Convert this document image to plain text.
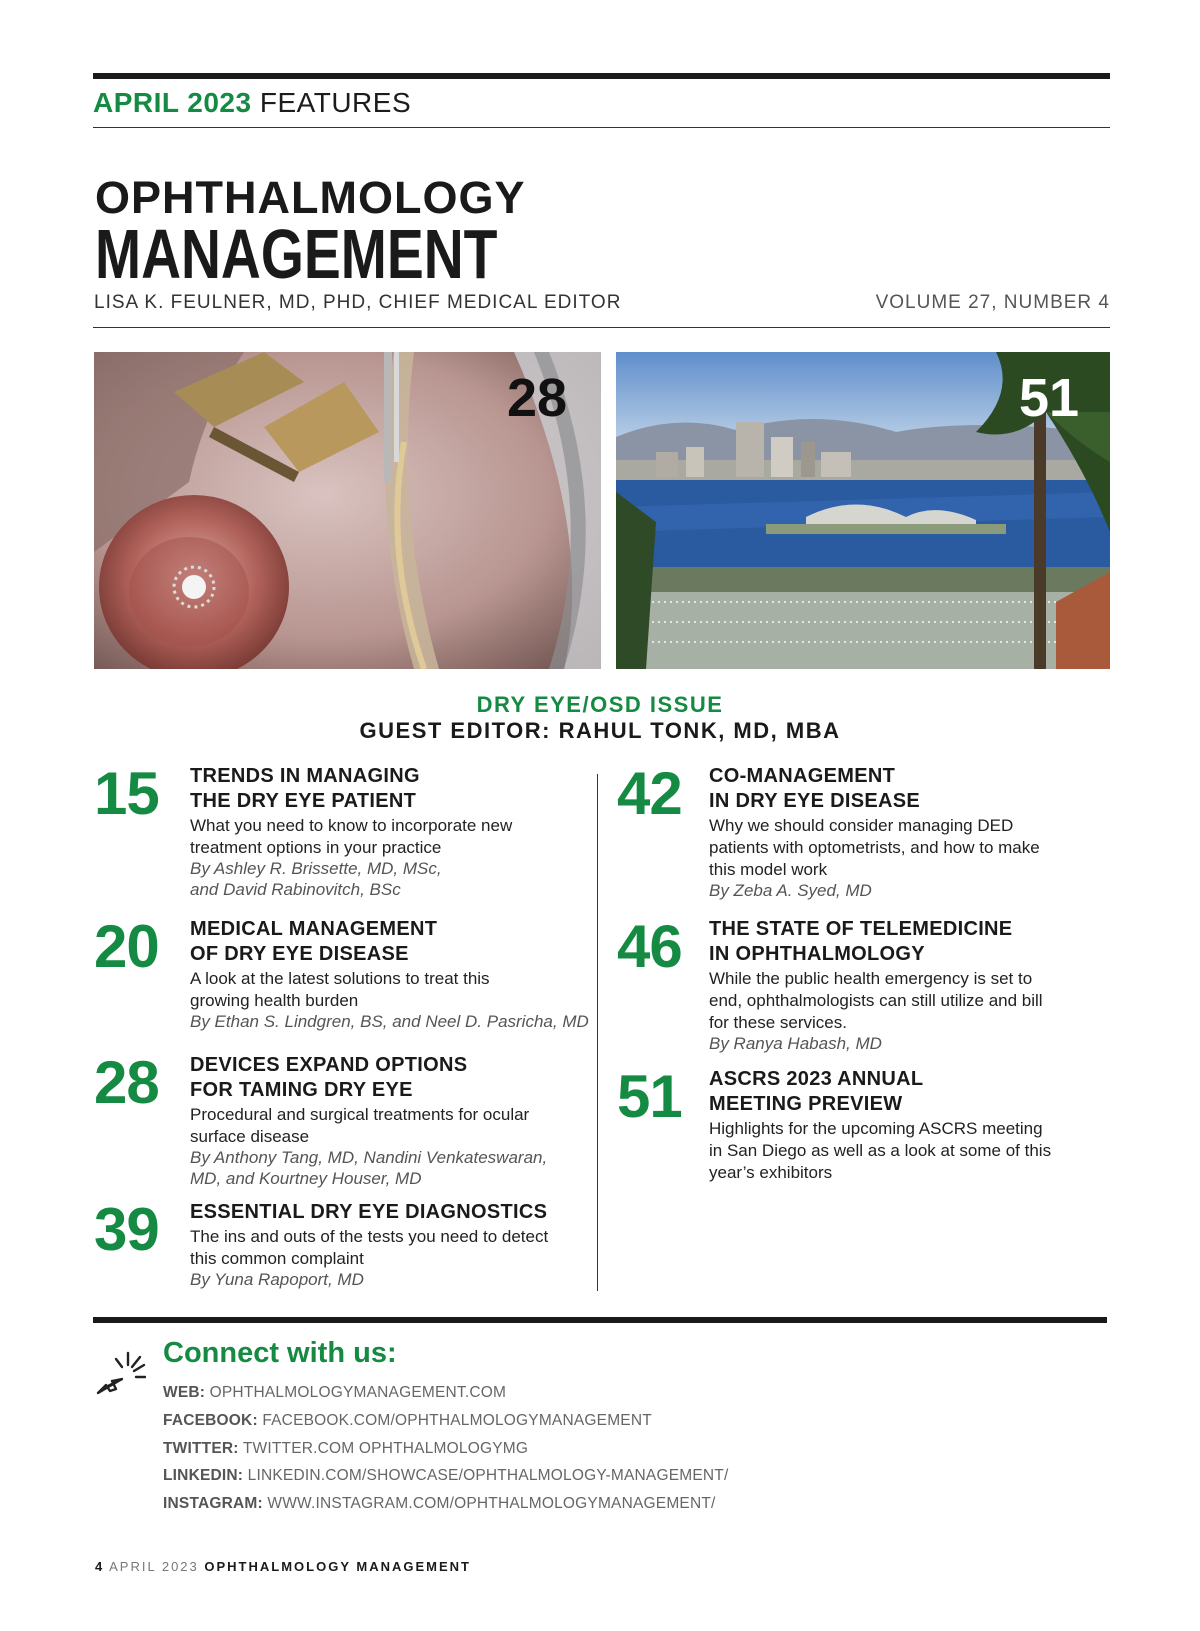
APRIL 2023 FEATURES
OPHTHALMOLOGY
MANAGEMENT
LISA K. FEULNER, MD, PHD, CHIEF MEDICAL EDITOR	VOLUME 27, NUMBER 4
28	51
DRY EYE/OSD ISSUE
GUEST EDITOR: RAHUL TONK, MD, MBA
15 TRENDS IN MANAGING
THE DRY EYE PATIENT
What you need to know to incorporate new
treatment options in your practice
By Ashley R. Brissette, MD, MSc,
and David Rabinovitch, BSc
20 MEDICAL MANAGEMENT
OF DRY EYE DISEASE
A look at the latest solutions to treat this
growing health burden
By Ethan S. Lindgren, BS, and Neel D. Pasricha, MD
28 DEVICES EXPAND OPTIONS
FOR TAMING DRY EYE
Procedural and surgical treatments for ocular
surface disease
By Anthony Tang, MD, Nandini Venkateswaran,
MD, and Kourtney Houser, MD
39 ESSENTIAL DRY EYE DIAGNOSTICS
The ins and outs of the tests you need to detect
this common complaint
By Yuna Rapoport, MD
42 CO-MANAGEMENT
IN DRY EYE DISEASE
Why we should consider managing DED
patients with optometrists, and how to make
this model work
By Zeba A. Syed, MD
46 THE STATE OF TELEMEDICINE
IN OPHTHALMOLOGY
While the public health emergency is set to
end, ophthalmologists can still utilize and bill
for these services.
By Ranya Habash, MD
51 ASCRS 2023 ANNUAL
MEETING PREVIEW
Highlights for the upcoming ASCRS meeting
in San Diego as well as a look at some of this
year’s exhibitors
Connect with us:
WEB: OPHTHALMOLOGYMANAGEMENT.COM
FACEBOOK: FACEBOOK.COM/OPHTHALMOLOGYMANAGEMENT
TWITTER: TWITTER.COM OPHTHALMOLOGYMG
LINKEDIN: LINKEDIN.COM/SHOWCASE/OPHTHALMOLOGY-MANAGEMENT/
INSTAGRAM: WWW.INSTAGRAM.COM/OPHTHALMOLOGYMANAGEMENT/
4 APRIL 2023 OPHTHALMOLOGY MANAGEMENT
